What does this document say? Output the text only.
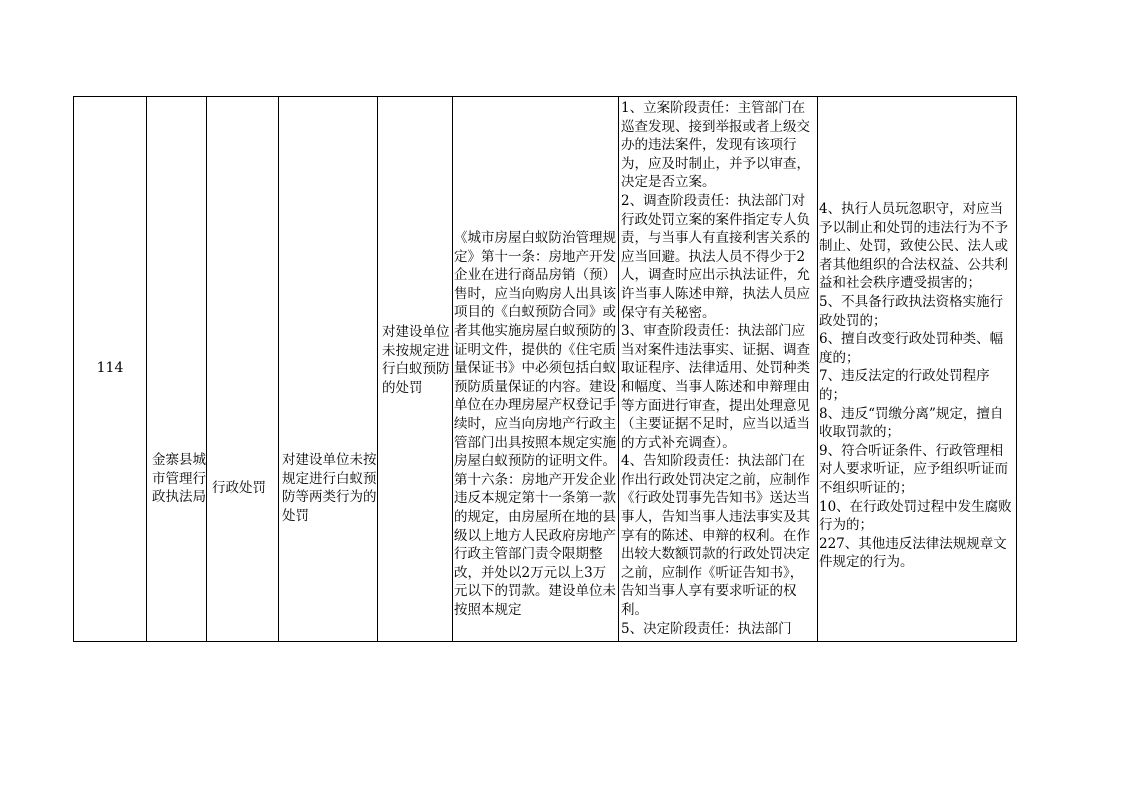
114
金寨县城市管理行政执法局
行政处罚
对建设单位未按规定进行白蚁预防等两类行为的处罚
对建设单位未按规定进行白蚁预防的处罚
《城市房屋白蚁防治管理规定》第十一条：房地产开发企业在进行商品房销（预）售时，应当向购房人出具该项目的《白蚁预防合同》或者其他实施房屋白蚁预防的证明文件，提供的《住宅质量保证书》中必须包括白蚁预防质量保证的内容。建设单位在办理房屋产权登记手续时，应当向房地产行政主管部门出具按照本规定实施房屋白蚁预防的证明文件。
第十六条：房地产开发企业违反本规定第十一条第一款的规定，由房屋所在地的县级以上地方人民政府房地产行政主管部门责令限期整改，并处以2万元以上3万元以下的罚款。建设单位未按照本规定
1、立案阶段责任：主管部门在巡查发现、接到举报或者上级交办的违法案件，发现有该项行为，应及时制止，并予以审查，决定是否立案。
2、调查阶段责任：执法部门对行政处罚立案的案件指定专人负责，与当事人有直接利害关系的应当回避。执法人员不得少于2人，调查时应出示执法证件，允许当事人陈述申辩，执法人员应保守有关秘密。
3、审查阶段责任：执法部门应当对案件违法事实、证据、调查取证程序、法律适用、处罚种类和幅度、当事人陈述和申辩理由等方面进行审查，提出处理意见（主要证据不足时，应当以适当的方式补充调查）。
4、告知阶段责任：执法部门在作出行政处罚决定之前，应制作《行政处罚事先告知书》送达当事人，告知当事人违法事实及其享有的陈述、申辩的权利。在作出较大数额罚款的行政处罚决定之前，应制作《听证告知书》，告知当事人享有要求听证的权利。
5、决定阶段责任：执法部门
4、执行人员玩忽职守，对应当予以制止和处罚的违法行为不予制止、处罚，致使公民、法人或者其他组织的合法权益、公共利益和社会秩序遭受损害的；
5、不具备行政执法资格实施行政处罚的；
6、擅自改变行政处罚种类、幅度的；
7、违反法定的行政处罚程序的；
8、违反“罚缴分离”规定，擅自收取罚款的；
9、符合听证条件、行政管理相对人要求听证，应予组织听证而不组织听证的；
10、在行政处罚过程中发生腐败行为的；
227、其他违反法律法规规章文件规定的行为。
